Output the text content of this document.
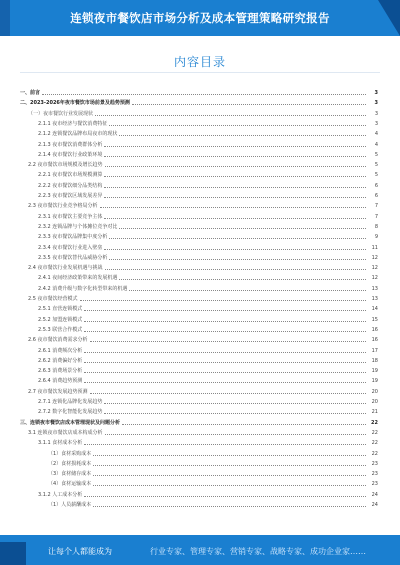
连锁夜市餐饮店市场分析及成本管理策略研究报告
内容目录
一、前言	3
二、2023-2026年夜市餐饮市场前景及趋势预测	3
（一）夜市餐饮行业发展现状	3
2.1.1 夜市经济与餐饮消费特征	3
2.1.2 连锁餐饮品牌布局夜市的现状	4
2.1.3 夜市餐饮消费群体分析	4
2.1.4 夜市餐饮行业政策环境	5
2.2 夜市餐饮市场规模及增长趋势	5
2.2.1 夜市餐饮市场规模测算	5
2.2.2 夜市餐饮细分品类结构	6
2.2.3 夜市餐饮区域发展差异	6
2.3 夜市餐饮行业竞争格局分析	7
2.3.1 夜市餐饮主要竞争主体	7
2.3.2 连锁品牌与个体摊位竞争对比	8
2.3.3 夜市餐饮品牌集中度分析	9
2.3.4 夜市餐饮行业进入壁垒	11
2.3.5 夜市餐饮替代品威胁分析	12
2.4 夜市餐饮行业发展机遇与挑战	12
2.4.1 夜间经济政策带来的发展机遇	12
2.4.2 消费升级与数字化转型带来的机遇	13
2.5 夜市餐饮经营模式	13
2.5.1 直营连锁模式	14
2.5.2 加盟连锁模式	15
2.5.3 联营合作模式	16
2.6 夜市餐饮消费需求分析	16
2.6.1 消费频次分析	17
2.6.2 消费偏好分析	18
2.6.3 消费场景分析	19
2.6.4 消费趋势预测	19
2.7 夜市餐饮发展趋势预测	20
2.7.1 连锁化品牌化发展趋势	20
2.7.2 数字化智能化发展趋势	21
三、连锁夜市餐饮店成本管理现状及问题分析	22
3.1 连锁夜市餐饮店成本构成分析	22
3.1.1 食材成本分析	22
（1）食材采购成本	22
（2）食材损耗成本	23
（3）食材储存成本	23
（4）食材运输成本	23
3.1.2 人工成本分析	24
（1）人员薪酬成本	24
让每个人都能成为	行业专家、管理专家、营销专家、战略专家、成功企业家……
